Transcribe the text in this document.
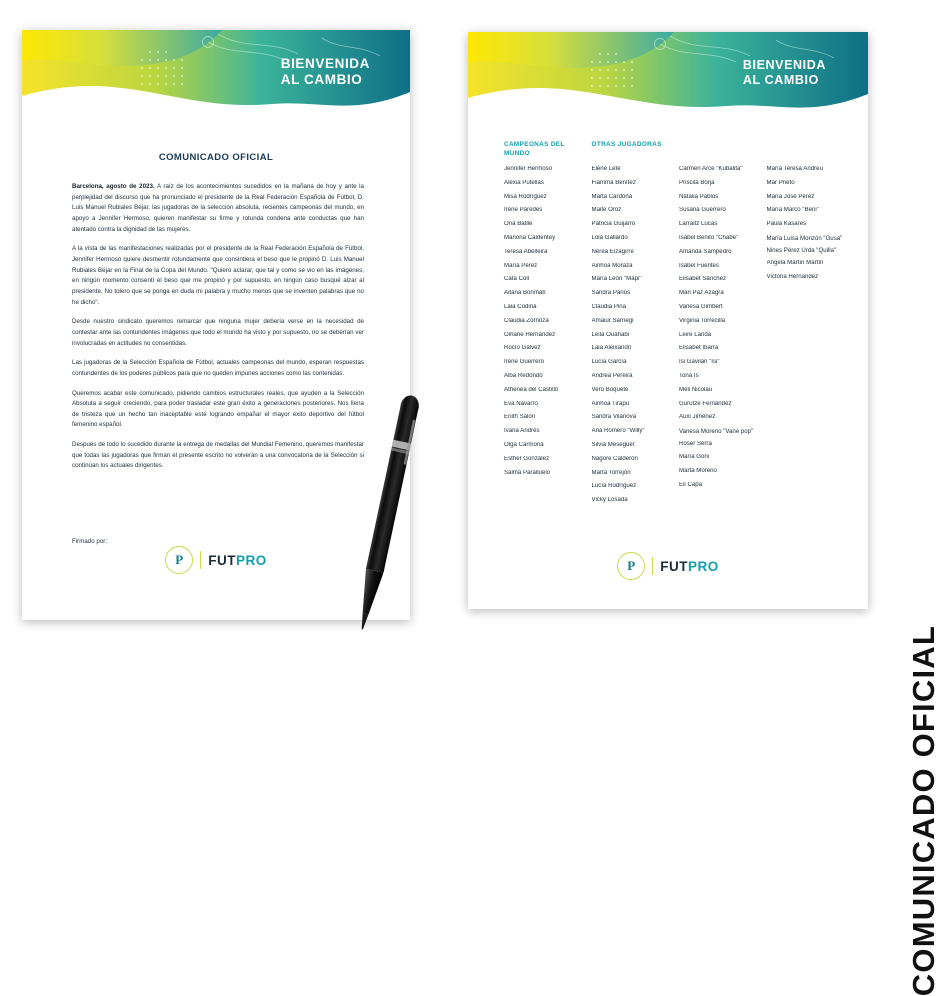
BIENVENIDA
AL CAMBIO
COMUNICADO OFICIAL

Barcelona, agosto de 2023. A raíz de los acontecimientos sucedidos en la mañana de hoy y ante la perplejidad del discurso que ha pronunciado el presidente de la Real Federación Española de Fútbol, D. Luis Manuel Rubiales Béjar, las jugadoras de la selección absoluta, recientes campeonas del mundo, en apoyo a Jennifer Hermoso, quieren manifestar su firme y rotunda condena ante conductas que han atentado contra la dignidad de las mujeres.

A la vista de las manifestaciones realizadas por el presidente de la Real Federación Española de Fútbol, Jennifer Hermoso quiere desmentir rotundamente que consintiera el beso que le propinó D. Luis Manuel Rubiales Béjar en la Final de la Copa del Mundo. "Quiero aclarar, que tal y como se vio en las imágenes, en ningún momento consentí el beso que me propinó y por supuesto, en ningún caso busqué alzar al presidente. No tolero que se ponga en duda mi palabra y mucho menos que se inventen palabras que no he dicho".

Desde nuestro sindicato queremos remarcar que ninguna mujer debería verse en la necesidad de contestar ante las contundentes imágenes que todo el mundo ha visto y por supuesto, no se deberían ver involucradas en actitudes no consentidas.

Las jugadoras de la Selección Española de Fútbol, actuales campeonas del mundo, esperan respuestas contundentes de los poderes públicos para que no queden impunes acciones como las contenidas.

Queremos acabar este comunicado, pidiendo cambios estructurales reales, que ayuden a la Selección Absoluta a seguir creciendo, para poder trasladar este gran éxito a generaciones posteriores. Nos llena de tristeza que un hecho tan inaceptable esté logrando empañar el mayor éxito deportivo del fútbol femenino español.

Después de todo lo sucedido durante la entrega de medallas del Mundial Femenino, queremos manifestar que todas las jugadoras que firman el presente escrito no volverán a una convocatoria de la Selección si continúan los actuales dirigentes.

Firmado por:
P	FUTPRO
BIENVENIDA
AL CAMBIO
CAMPEONAS DEL MUNDO
Jennifer Hermoso
Alexia Putellas
Misa Rodríguez
Irene Paredes
Ona Batlle
Mariona Caldentey
Teresa Abelleira
María Pérez
Cata Coll
Aitana Bonmatí
Laia Codina
Claudia Zornoza
Oihane Hernández
Rocío Gálvez
Irene Guerrero
Alba Redondo
Athenea del Castillo
Eva Navarro
Enith Salón
Ivana Andrés
Olga Carmona
Esther González
Salma Paralluelo
OTRAS JUGADORAS
Elene Lete
Fiamma Benítez
Marta Cardona
Maite Oroz
Patricia Guijarro
Lola Gallardo
Nerea Eizagirre
Ainhoa Moraza
María León "Mapi"
Sandra Paños
Claudia Pina
Amaiur Sarriegi
Leila Ouahabi
Laia Aleixandri
Lucía García
Andrea Pereira
Vero Boquete
Ainhoa Tirapu
Sandra Vilanova
Ana Romero "Willy"
Silvia Meseguer
Nagore Calderón
Marta Torrejón
Lucía Rodríguez
Vicky Losada
Carmen Arce "Kubalita"
Priscila Borja
Natalia Pablos
Susana Guerrero
Larraitz Lucas
Isabel Benito "Chabe"
Amanda Sampedro
Isabel Fuentes
Elisabet Sánchez
Mari Paz Azagra
Vanesa Gimbert
Virginia Torrecilla
Leire Landa
Elisabet Ibarra
Isi Gavilán "Isi"
Toña Is
Meli Nicolau
Gurutze Fernández
Auxi Jiménez
Vanesa Moreno "Vane pop"
Roser Serra
María Goñi
Marta Moreno
Eli Capa
María Teresa Andreu
Mar Prieto
María José Pérez
María Marco "Beni"
Paula Kasares
María Luisa Monzón "Gusa"
Nines Pérez Urda "Quilla"
Ángela Martín Martín
Victoria Hernández
P	FUTPRO
COMUNICADO OFICIAL
